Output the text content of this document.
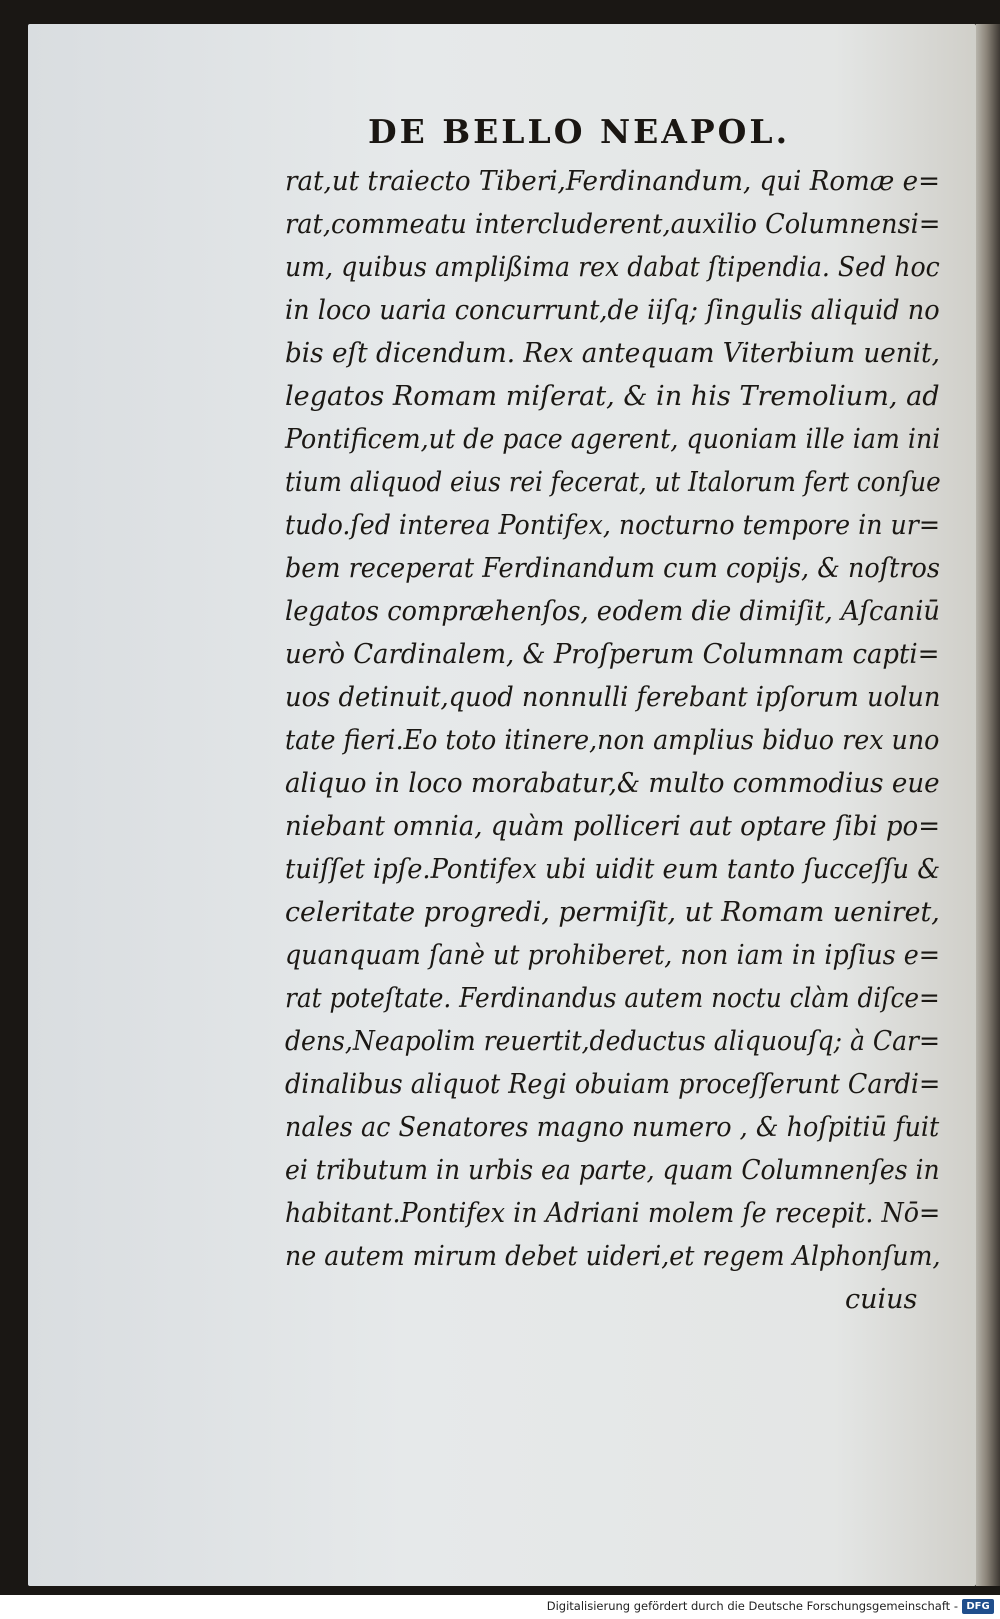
DE BELLO NEAPOL.
rat,ut traiecto Tiberi,Ferdinandum, qui Romæ e=
rat,commeatu intercluderent,auxilio Columnensi=
um, quibus amplißima rex dabat ſtipendia. Sed hoc
in loco uaria concurrunt,de iiſq; ſingulis aliquid no
bis eſt dicendum. Rex antequam Viterbium uenit,
legatos Romam miſerat, & in his Tremolium, ad
Pontificem,ut de pace agerent, quoniam ille iam ini
tium aliquod eius rei fecerat, ut Italorum fert conſue
tudo.ſed interea Pontifex, nocturno tempore in ur=
bem receperat Ferdinandum cum copijs, & noſtros
legatos compræhenſos, eodem die dimiſit, Aſcaniū
uerò Cardinalem, & Proſperum Columnam capti=
uos detinuit,quod nonnulli ferebant ipſorum uolun
tate fieri.Eo toto itinere,non amplius biduo rex uno
aliquo in loco morabatur,& multo commodius eue
niebant omnia, quàm polliceri aut optare ſibi po=
tuiſſet ipſe.Pontifex ubi uidit eum tanto ſucceſſu &
celeritate progredi, permiſit, ut Romam ueniret,
quanquam ſanè ut prohiberet, non iam in ipſius e=
rat poteſtate. Ferdinandus autem noctu clàm diſce=
dens,Neapolim reuertit,deductus aliquouſq; à Car=
dinalibus aliquot Regi obuiam proceſſerunt Cardi=
nales ac Senatores magno numero , & hoſpitiū fuit
ei tributum in urbis ea parte, quam Columnenſes in
habitant.Pontifex in Adriani molem ſe recepit. Nō=
ne autem mirum debet uideri,et regem Alphonſum,
cuius
Digitalisierung gefördert durch die Deutsche Forschungsgemeinschaft - DFG
